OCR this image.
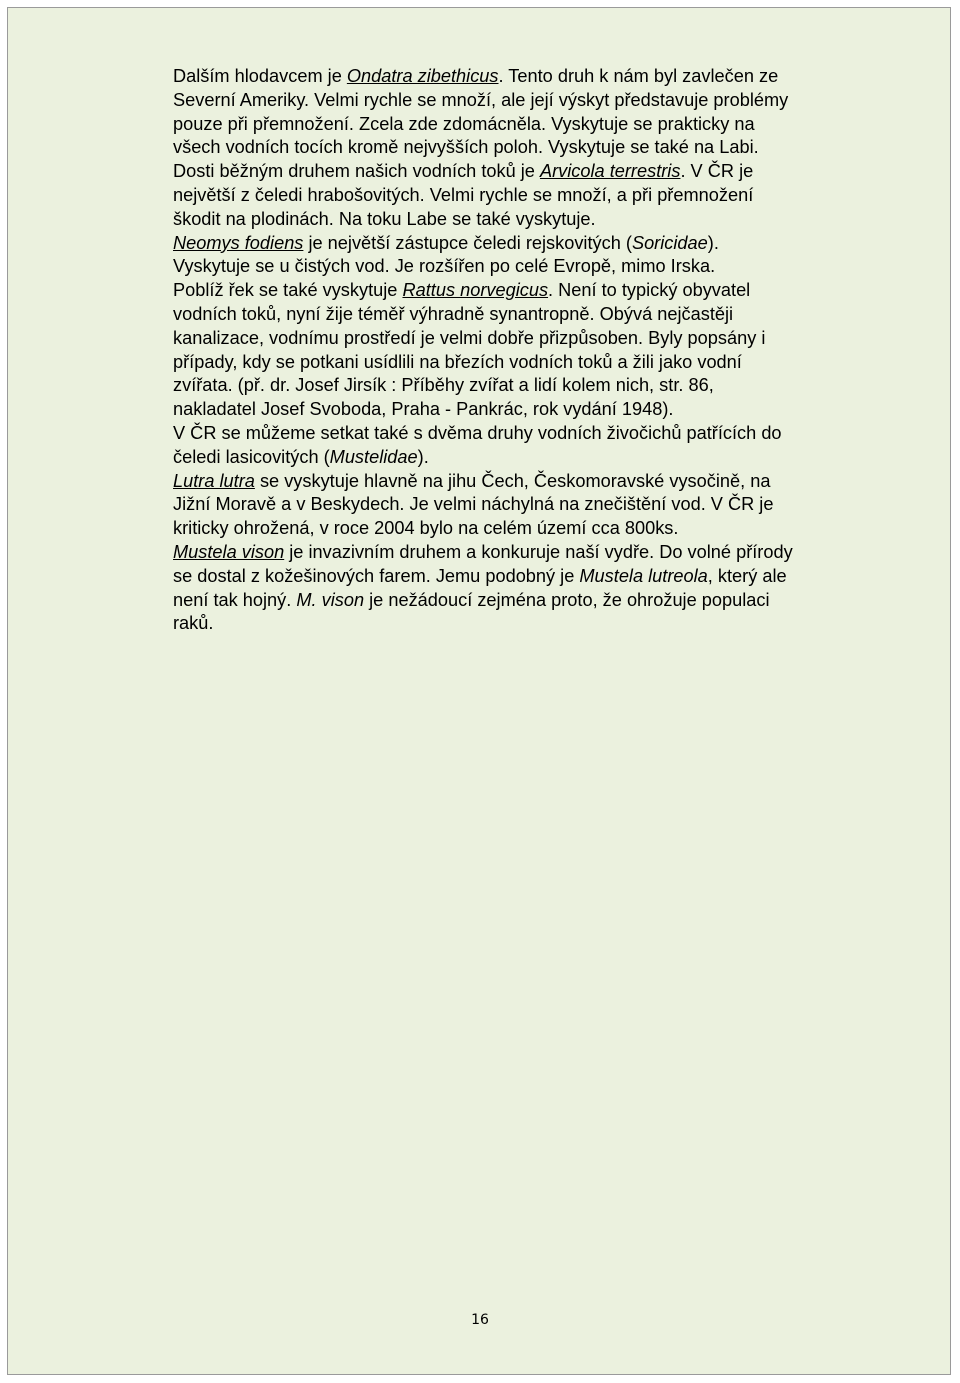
Dalším hlodavcem je Ondatra zibethicus. Tento druh k nám byl zavlečen ze Severní Ameriky. Velmi rychle se množí, ale její výskyt představuje problémy pouze při přemnožení. Zcela zde zdomácněla. Vyskytuje se prakticky na všech vodních tocích kromě nejvyšších poloh. Vyskytuje se také na Labi.

Dosti běžným druhem našich vodních toků je Arvicola terrestris. V ČR je největší z čeledi hrabošovitých. Velmi rychle se množí, a při přemnožení škodit na plodinách. Na toku Labe se také vyskytuje.

Neomys fodiens je největší zástupce čeledi rejskovitých (Soricidae). Vyskytuje se u čistých vod. Je rozšířen po celé Evropě, mimo Irska.

Poblíž řek se také vyskytuje Rattus norvegicus. Není to typický obyvatel vodních toků, nyní žije téměř výhradně synantropně. Obývá nejčastěji kanalizace, vodnímu prostředí je velmi dobře přizpůsoben. Byly popsány i případy, kdy se potkani usídlili na březích vodních toků a žili jako vodní zvířata. (př. dr. Josef Jirsík : Příběhy zvířat a lidí kolem nich, str. 86, nakladatel Josef Svoboda, Praha - Pankrác, rok vydání 1948).

V ČR se můžeme setkat také s dvěma druhy vodních živočichů patřících do čeledi lasicovitých (Mustelidae).

Lutra lutra se vyskytuje hlavně na jihu Čech, Českomoravské vysočině, na Jižní Moravě a v Beskydech. Je velmi náchylná na znečištění vod. V ČR je kriticky ohrožená, v roce 2004 bylo na celém území cca 800ks.

Mustela vison je invazivním druhem a konkuruje naší vydře. Do volné přírody se dostal z kožešinových farem. Jemu podobný je Mustela lutreola, který ale není tak hojný. M. vison je nežádoucí zejména proto, že ohrožuje populaci raků.

16
